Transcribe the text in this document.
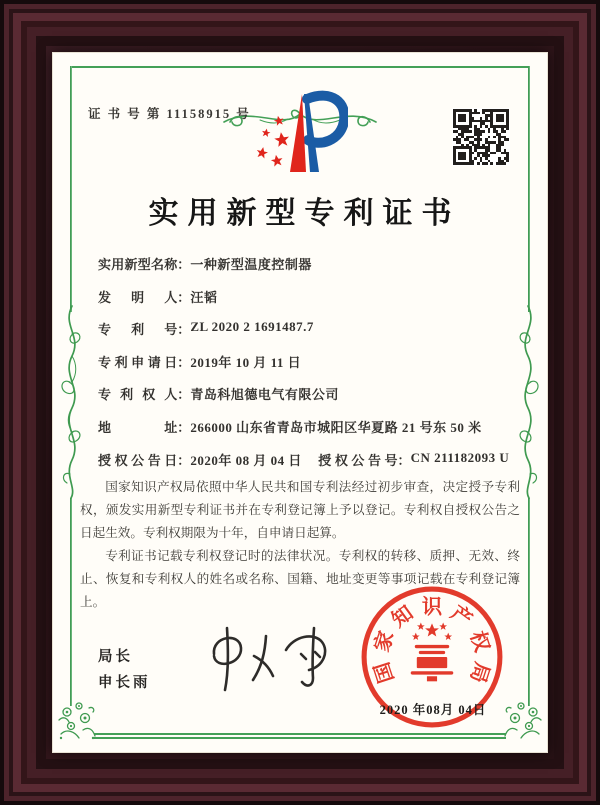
证 书 号 第 11158915 号
实用新型专利证书
实用新型名称：一种新型温度控制器
发明人：汪韬
专利号：ZL 2020 2 1691487.7
专利申请日：2019年 10 月 11 日
专利权人：青岛科旭德电气有限公司
地址：266000 山东省青岛市城阳区华夏路 21 号东 50 米
授权公告日：2020年 08 月 04 日 授权公告号：CN 211182093 U

国家知识产权局依照中华人民共和国专利法经过初步审查，决定授予专利权，颁发实用新型专利证书并在专利登记簿上予以登记。专利权自授权公告之日起生效。专利权期限为十年，自申请日起算。

专利证书记载专利权登记时的法律状况。专利权的转移、质押、无效、终止、恢复和专利权人的姓名或名称、国籍、地址变更等事项记载在专利登记簿上。

局长
申长雨	国
家
知 识 产
权
局
2020 年08月 04日
